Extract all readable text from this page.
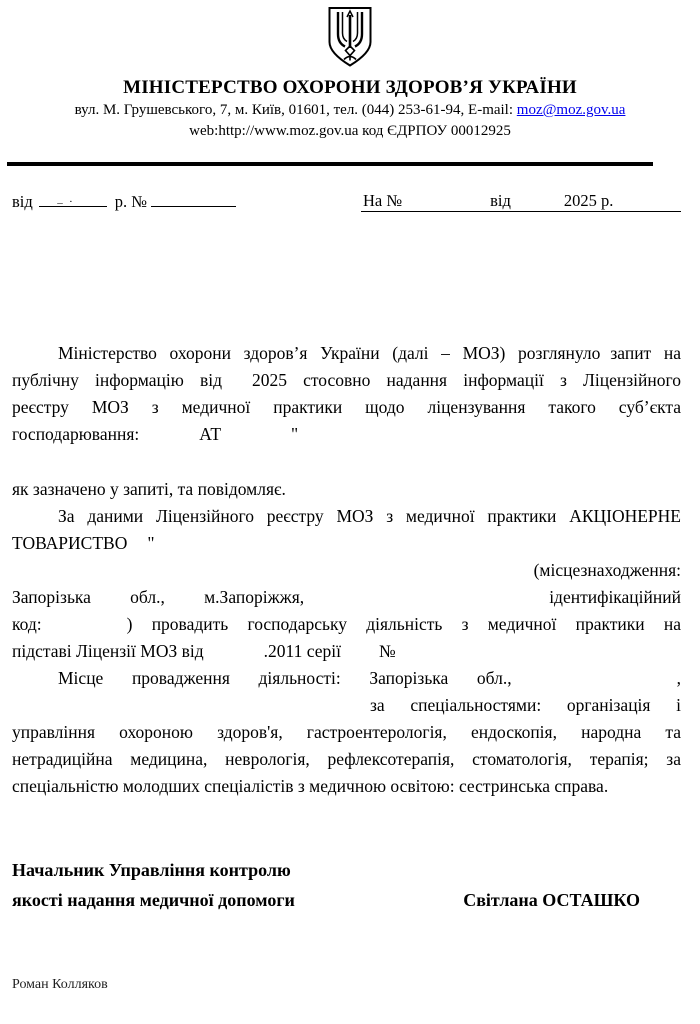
МІНІСТЕРСТВО ОХОРОНИ ЗДОРОВ’Я УКРАЇНИ
вул. М. Грушевського, 7, м. Київ, 01601, тел. (044) 253-61-94, E-mail: moz@moz.gov.ua
web:http://www.moz.gov.ua код ЄДРПОУ 00012925
від	_ .	р. №	На №	від	2025 р.
Міністерство охорони здоров’я України (далі – МОЗ) розглянуло запит на
публічну інформацію від 2025 стосовно надання інформації з Ліцензійного
реєстру МОЗ з медичної практики щодо ліцензування такого суб’єкта
господарювання:	АТ	"
як зазначено у запиті, та повідомляє.
За даними Ліцензійного реєстру МОЗ з медичної практики АКЦІОНЕРНЕ
ТОВАРИСТВО "
(місцезнаходження:
Запорізька обл., м.Запоріжжя,	ідентифікаційний
код:	) провадить господарську діяльність з медичної практики на
підставі Ліцензії МОЗ від	.2011 серії №
Місце провадження діяльності: Запорізька обл.,	,
за спеціальностями: організація і
управління охороною здоров'я, гастроентерологія, ендоскопія, народна та
нетрадиційна медицина, неврологія, рефлексотерапія, стоматологія, терапія; за
спеціальністю молодших спеціалістів з медичною освітою: сестринська справа.
Начальник Управління контролю
якості надання медичної допомоги	Світлана ОСТАШКО
Роман Колляков
